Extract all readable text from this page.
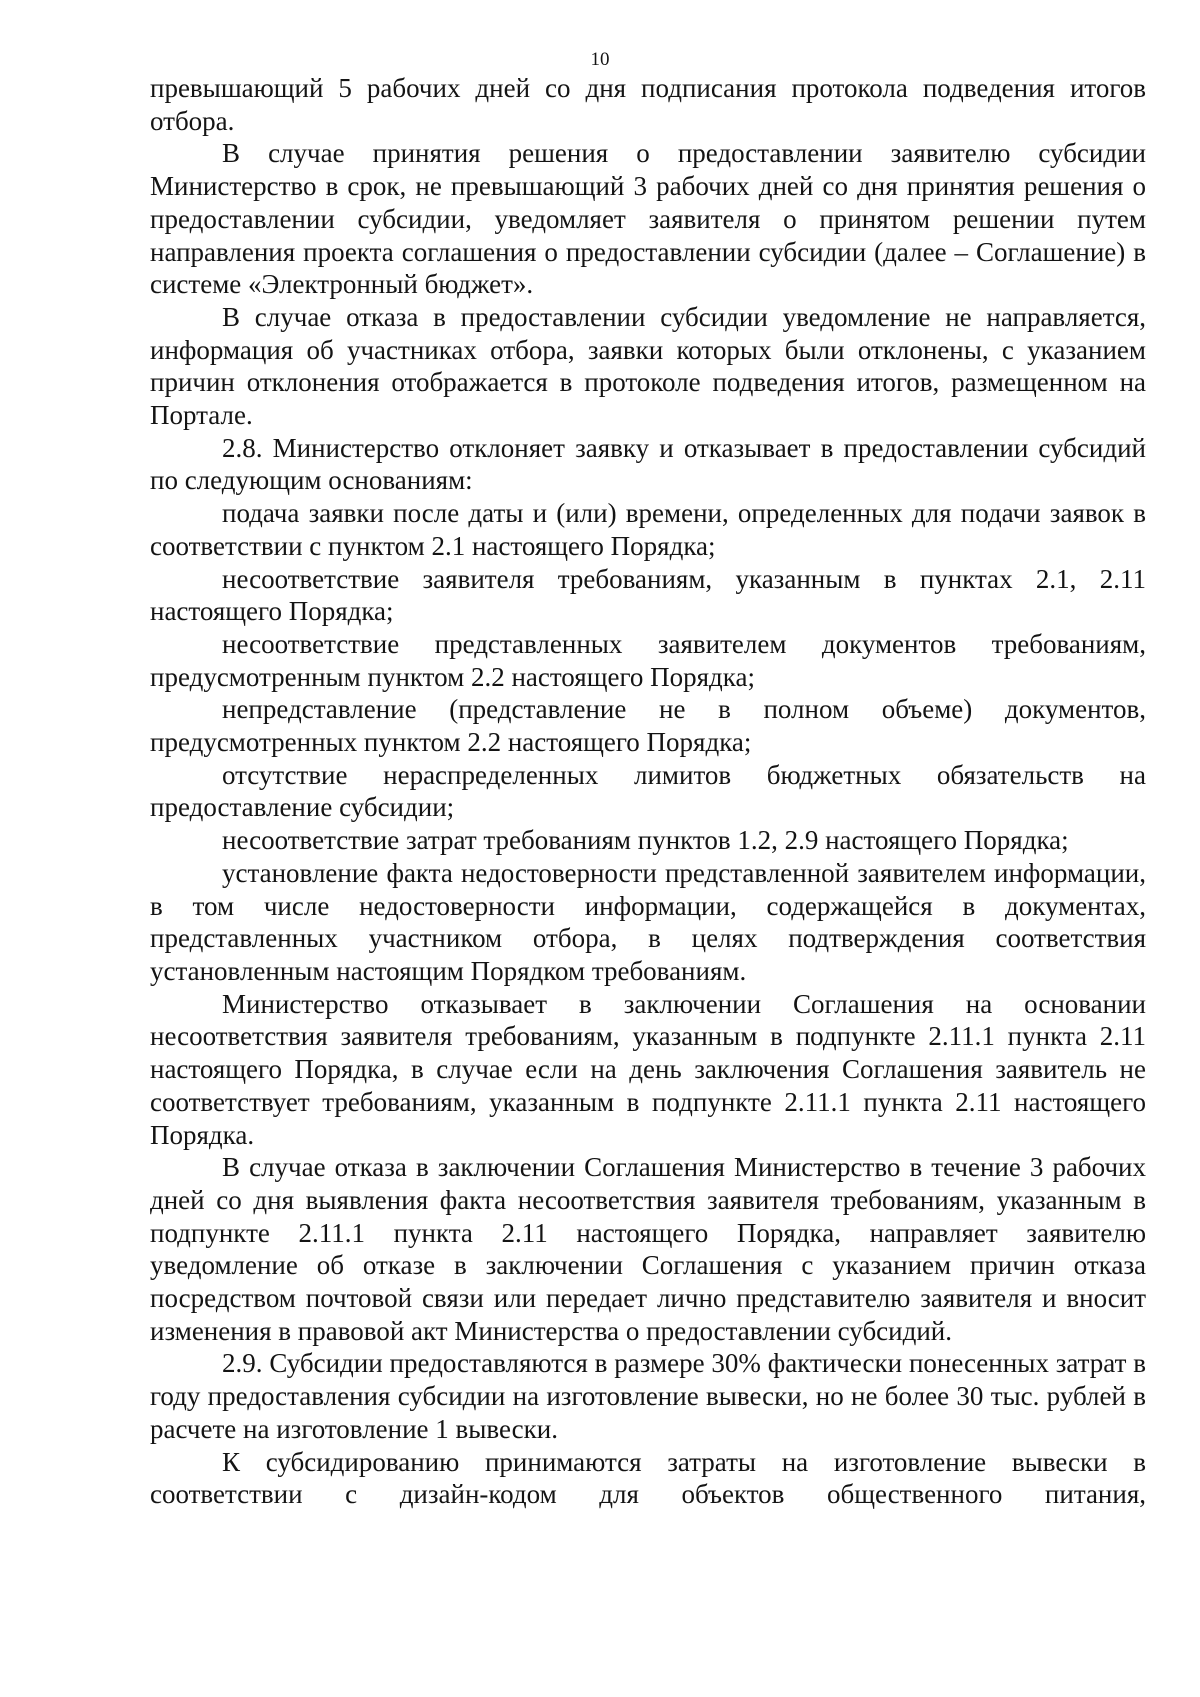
10

превышающий 5 рабочих дней со дня подписания протокола подведения итогов отбора.

В случае принятия решения о предоставлении заявителю субсидии Министерство в срок, не превышающий 3 рабочих дней со дня принятия решения о предоставлении субсидии, уведомляет заявителя о принятом решении путем направления проекта соглашения о предоставлении субсидии (далее – Соглашение) в системе «Электронный бюджет».

В случае отказа в предоставлении субсидии уведомление не направляется, информация об участниках отбора, заявки которых были отклонены, с указанием причин отклонения отображается в протоколе подведения итогов, размещенном на Портале.

2.8. Министерство отклоняет заявку и отказывает в предоставлении субсидий по следующим основаниям:

подача заявки после даты и (или) времени, определенных для подачи заявок в соответствии с пунктом 2.1 настоящего Порядка;

несоответствие заявителя требованиям, указанным в пунктах 2.1, 2.11 настоящего Порядка;

несоответствие представленных заявителем документов требованиям, предусмотренным пунктом 2.2 настоящего Порядка;

непредставление (представление не в полном объеме) документов, предусмотренных пунктом 2.2 настоящего Порядка;

отсутствие нераспределенных лимитов бюджетных обязательств на предоставление субсидии;

несоответствие затрат требованиям пунктов 1.2, 2.9 настоящего Порядка;

установление факта недостоверности представленной заявителем информации, в том числе недостоверности информации, содержащейся в документах, представленных участником отбора, в целях подтверждения соответствия установленным настоящим Порядком требованиям.

Министерство отказывает в заключении Соглашения на основании несоответствия заявителя требованиям, указанным в подпункте 2.11.1 пункта 2.11 настоящего Порядка, в случае если на день заключения Соглашения заявитель не соответствует требованиям, указанным в подпункте 2.11.1 пункта 2.11 настоящего Порядка.

В случае отказа в заключении Соглашения Министерство в течение 3 рабочих дней со дня выявления факта несоответствия заявителя требованиям, указанным в подпункте 2.11.1 пункта 2.11 настоящего Порядка, направляет заявителю уведомление об отказе в заключении Соглашения с указанием причин отказа посредством почтовой связи или передает лично представителю заявителя и вносит изменения в правовой акт Министерства о предоставлении субсидий.

2.9. Субсидии предоставляются в размере 30% фактически понесенных затрат в году предоставления субсидии на изготовление вывески, но не более 30 тыс. рублей в расчете на изготовление 1 вывески.

К субсидированию принимаются затраты на изготовление вывески в соответствии с дизайн-кодом для объектов общественного питания,
